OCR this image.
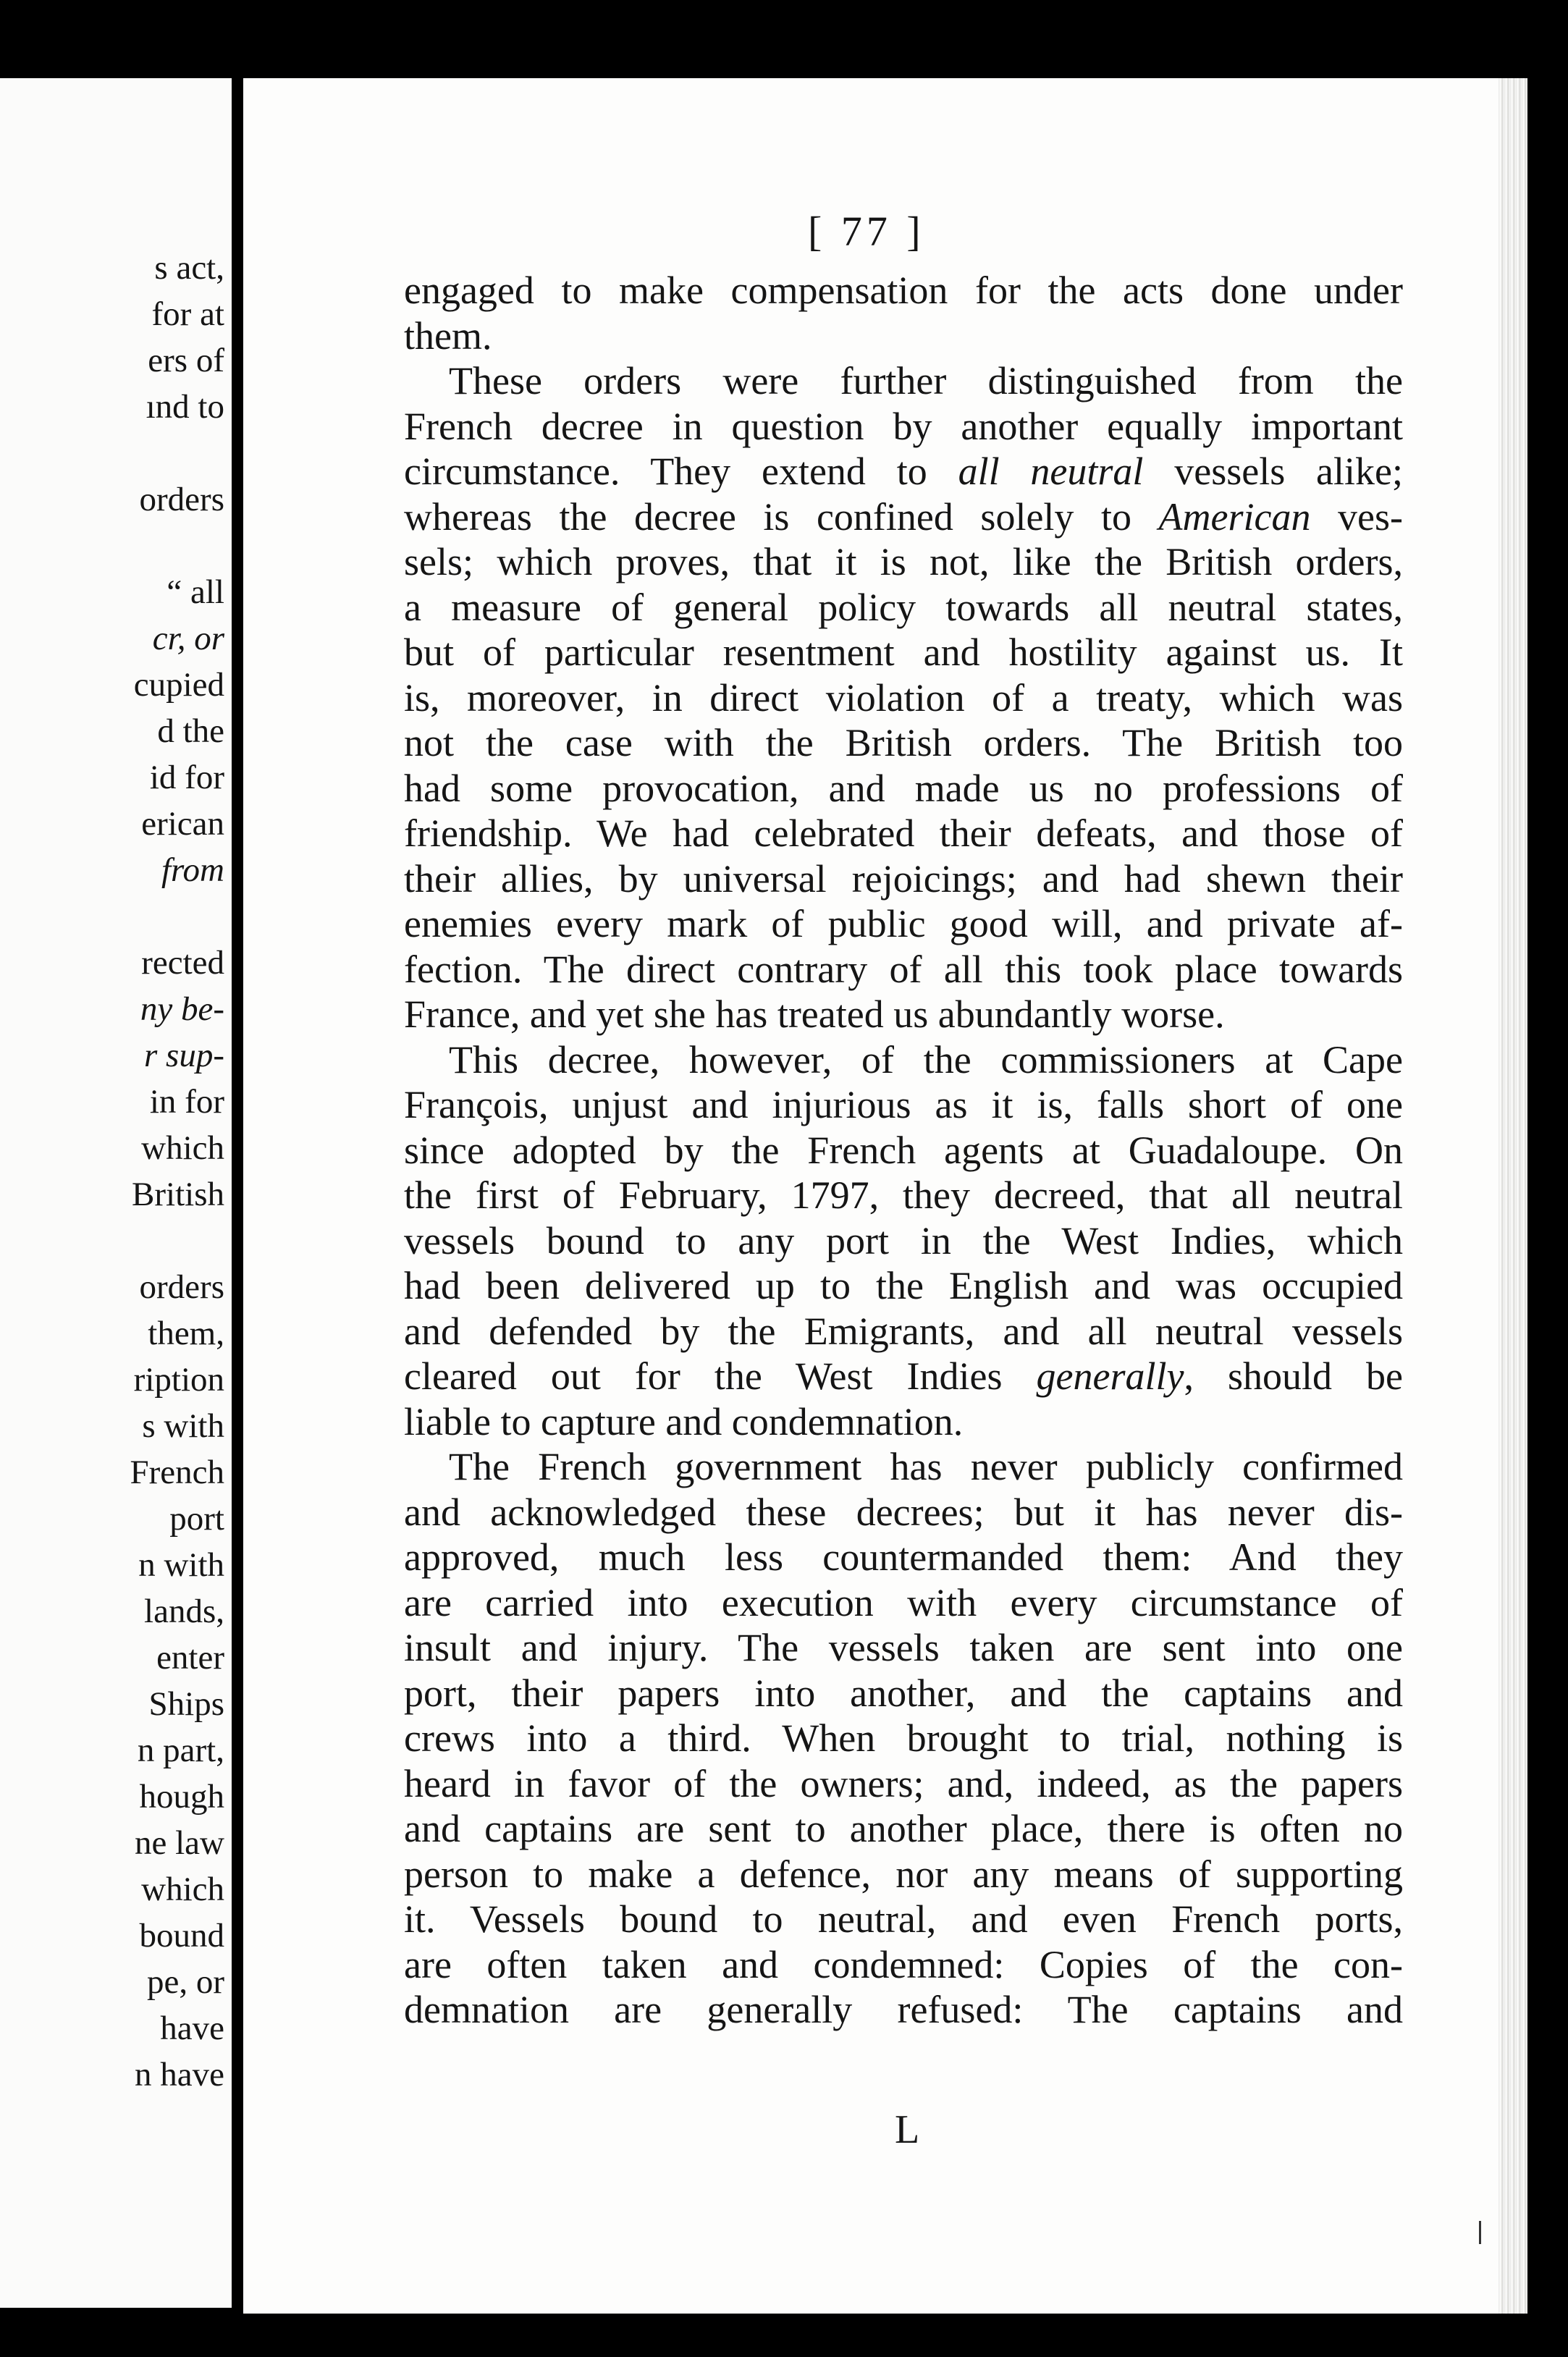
s act,
for at
ers of
ınd to
orders
“ all
cr, or
cupied
d the
id for
erican
from
rected
ny be-
r sup-
in for
which
British
orders
them,
ription
s with
French
port
n with
lands,
enter
Ships
n part,
hough
ne law
which
bound
pe, or
have
n have
[ 77 ]
engaged to make compensation for the acts done under
them.
These orders were further distinguished from the
French decree in question by another equally important
circumstance. They extend to all neutral vessels alike;
whereas the decree is confined solely to American ves-
sels; which proves, that it is not, like the British orders,
a measure of general policy towards all neutral states,
but of particular resentment and hostility against us. It
is, moreover, in direct violation of a treaty, which was
not the case with the British orders. The British too
had some provocation, and made us no professions of
friendship. We had celebrated their defeats, and those of
their allies, by universal rejoicings; and had shewn their
enemies every mark of public good will, and private af-
fection. The direct contrary of all this took place towards
France, and yet she has treated us abundantly worse.
This decree, however, of the commissioners at Cape
François, unjust and injurious as it is, falls short of one
since adopted by the French agents at Guadaloupe. On
the first of February, 1797, they decreed, that all neutral
vessels bound to any port in the West Indies, which
had been delivered up to the English and was occupied
and defended by the Emigrants, and all neutral vessels
cleared out for the West Indies generally, should be
liable to capture and condemnation.
The French government has never publicly confirmed
and acknowledged these decrees; but it has never dis-
approved, much less countermanded them: And they
are carried into execution with every circumstance of
insult and injury. The vessels taken are sent into one
port, their papers into another, and the captains and
crews into a third. When brought to trial, nothing is
heard in favor of the owners; and, indeed, as the papers
and captains are sent to another place, there is often no
person to make a defence, nor any means of supporting
it. Vessels bound to neutral, and even French ports,
are often taken and condemned: Copies of the con-
demnation are generally refused: The captains and
L
